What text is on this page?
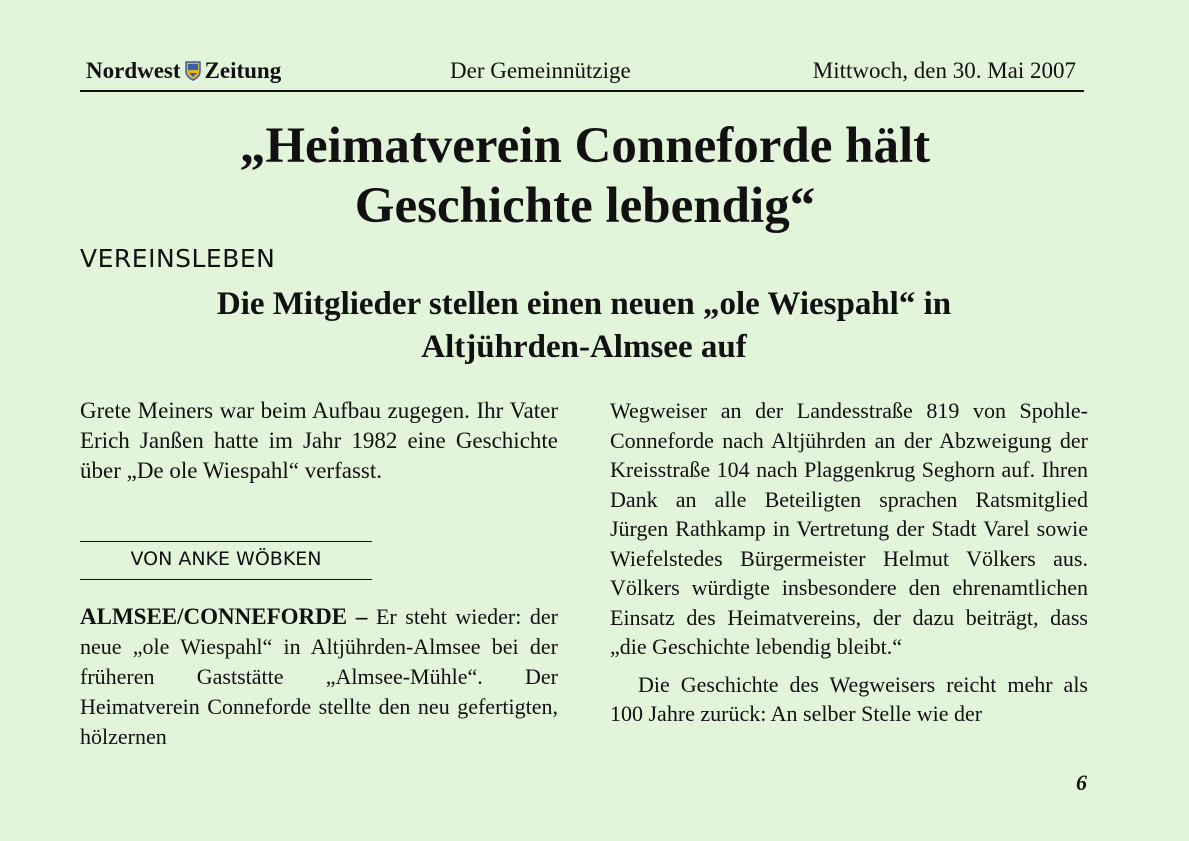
Nordwest Zeitung	Der Gemeinnützige	Mittwoch, den 30. Mai 2007
„Heimatverein Conneforde hält
Geschichte lebendig“
VEREINSLEBEN
Die Mitglieder stellen einen neuen „ole Wiespahl“ in
Altjührden-Almsee auf

Grete Meiners war beim Aufbau zugegen. Ihr Vater Erich Janßen hatte im Jahr 1982 eine Geschichte über „De ole Wiespahl“ verfasst.

VON ANKE WÖBKEN
ALMSEE/CONNEFORDE – Er steht wieder: der neue „ole Wiespahl“ in Altjührden-Almsee bei der früheren Gaststätte „Almsee-Mühle“. Der Heimatverein Conneforde stellte den neu gefertigten, hölzernen

Wegweiser an der Landesstraße 819 von Spohle-Conneforde nach Altjührden an der Abzweigung der Kreisstraße 104 nach Plaggenkrug Seghorn auf. Ihren Dank an alle Beteiligten sprachen Ratsmitglied Jürgen Rathkamp in Vertretung der Stadt Varel sowie Wiefelstedes Bürgermeister Helmut Völkers aus. Völkers würdigte insbesondere den ehrenamtlichen Einsatz des Heimatvereins, der dazu beiträgt, dass „die Geschichte lebendig bleibt.“

Die Geschichte des Wegweisers reicht mehr als 100 Jahre zurück: An selber Stelle wie der

6
